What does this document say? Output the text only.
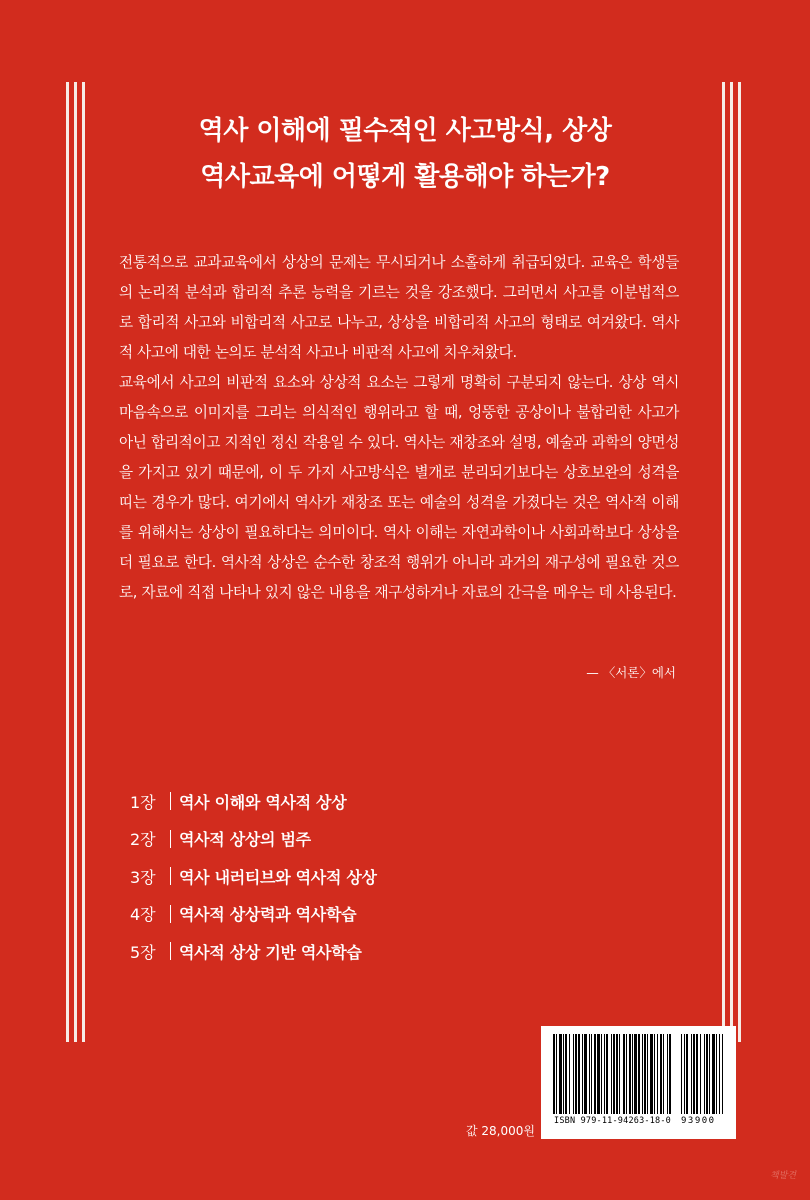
역사 이해에 필수적인 사고방식, 상상
역사교육에 어떻게 활용해야 하는가?

전통적으로 교과교육에서 상상의 문제는 무시되거나 소홀하게 취급되었다. 교육은 학생들의 논리적 분석과 합리적 추론 능력을 기르는 것을 강조했다. 그러면서 사고를 이분법적으로 합리적 사고와 비합리적 사고로 나누고, 상상을 비합리적 사고의 형태로 여겨왔다. 역사적 사고에 대한 논의도 분석적 사고나 비판적 사고에 치우쳐왔다.

교육에서 사고의 비판적 요소와 상상적 요소는 그렇게 명확히 구분되지 않는다. 상상 역시 마음속으로 이미지를 그리는 의식적인 행위라고 할 때, 엉뚱한 공상이나 불합리한 사고가 아닌 합리적이고 지적인 정신 작용일 수 있다. 역사는 재창조와 설명, 예술과 과학의 양면성을 가지고 있기 때문에, 이 두 가지 사고방식은 별개로 분리되기보다는 상호보완의 성격을 띠는 경우가 많다. 여기에서 역사가 재창조 또는 예술의 성격을 가졌다는 것은 역사적 이해를 위해서는 상상이 필요하다는 의미이다. 역사 이해는 자연과학이나 사회과학보다 상상을 더 필요로 한다. 역사적 상상은 순수한 창조적 행위가 아니라 과거의 재구성에 필요한 것으로, 자료에 직접 나타나 있지 않은 내용을 재구성하거나 자료의 간극을 메우는 데 사용된다.

— 〈서론〉에서
1장	역사 이해와 역사적 상상
2장	역사적 상상의 범주
3장	역사 내러티브와 역사적 상상
4장	역사적 상상력과 역사학습
5장	역사적 상상 기반 역사학습
ISBN 979-11-94263-18-0 93900
값 28,000원
책발견
